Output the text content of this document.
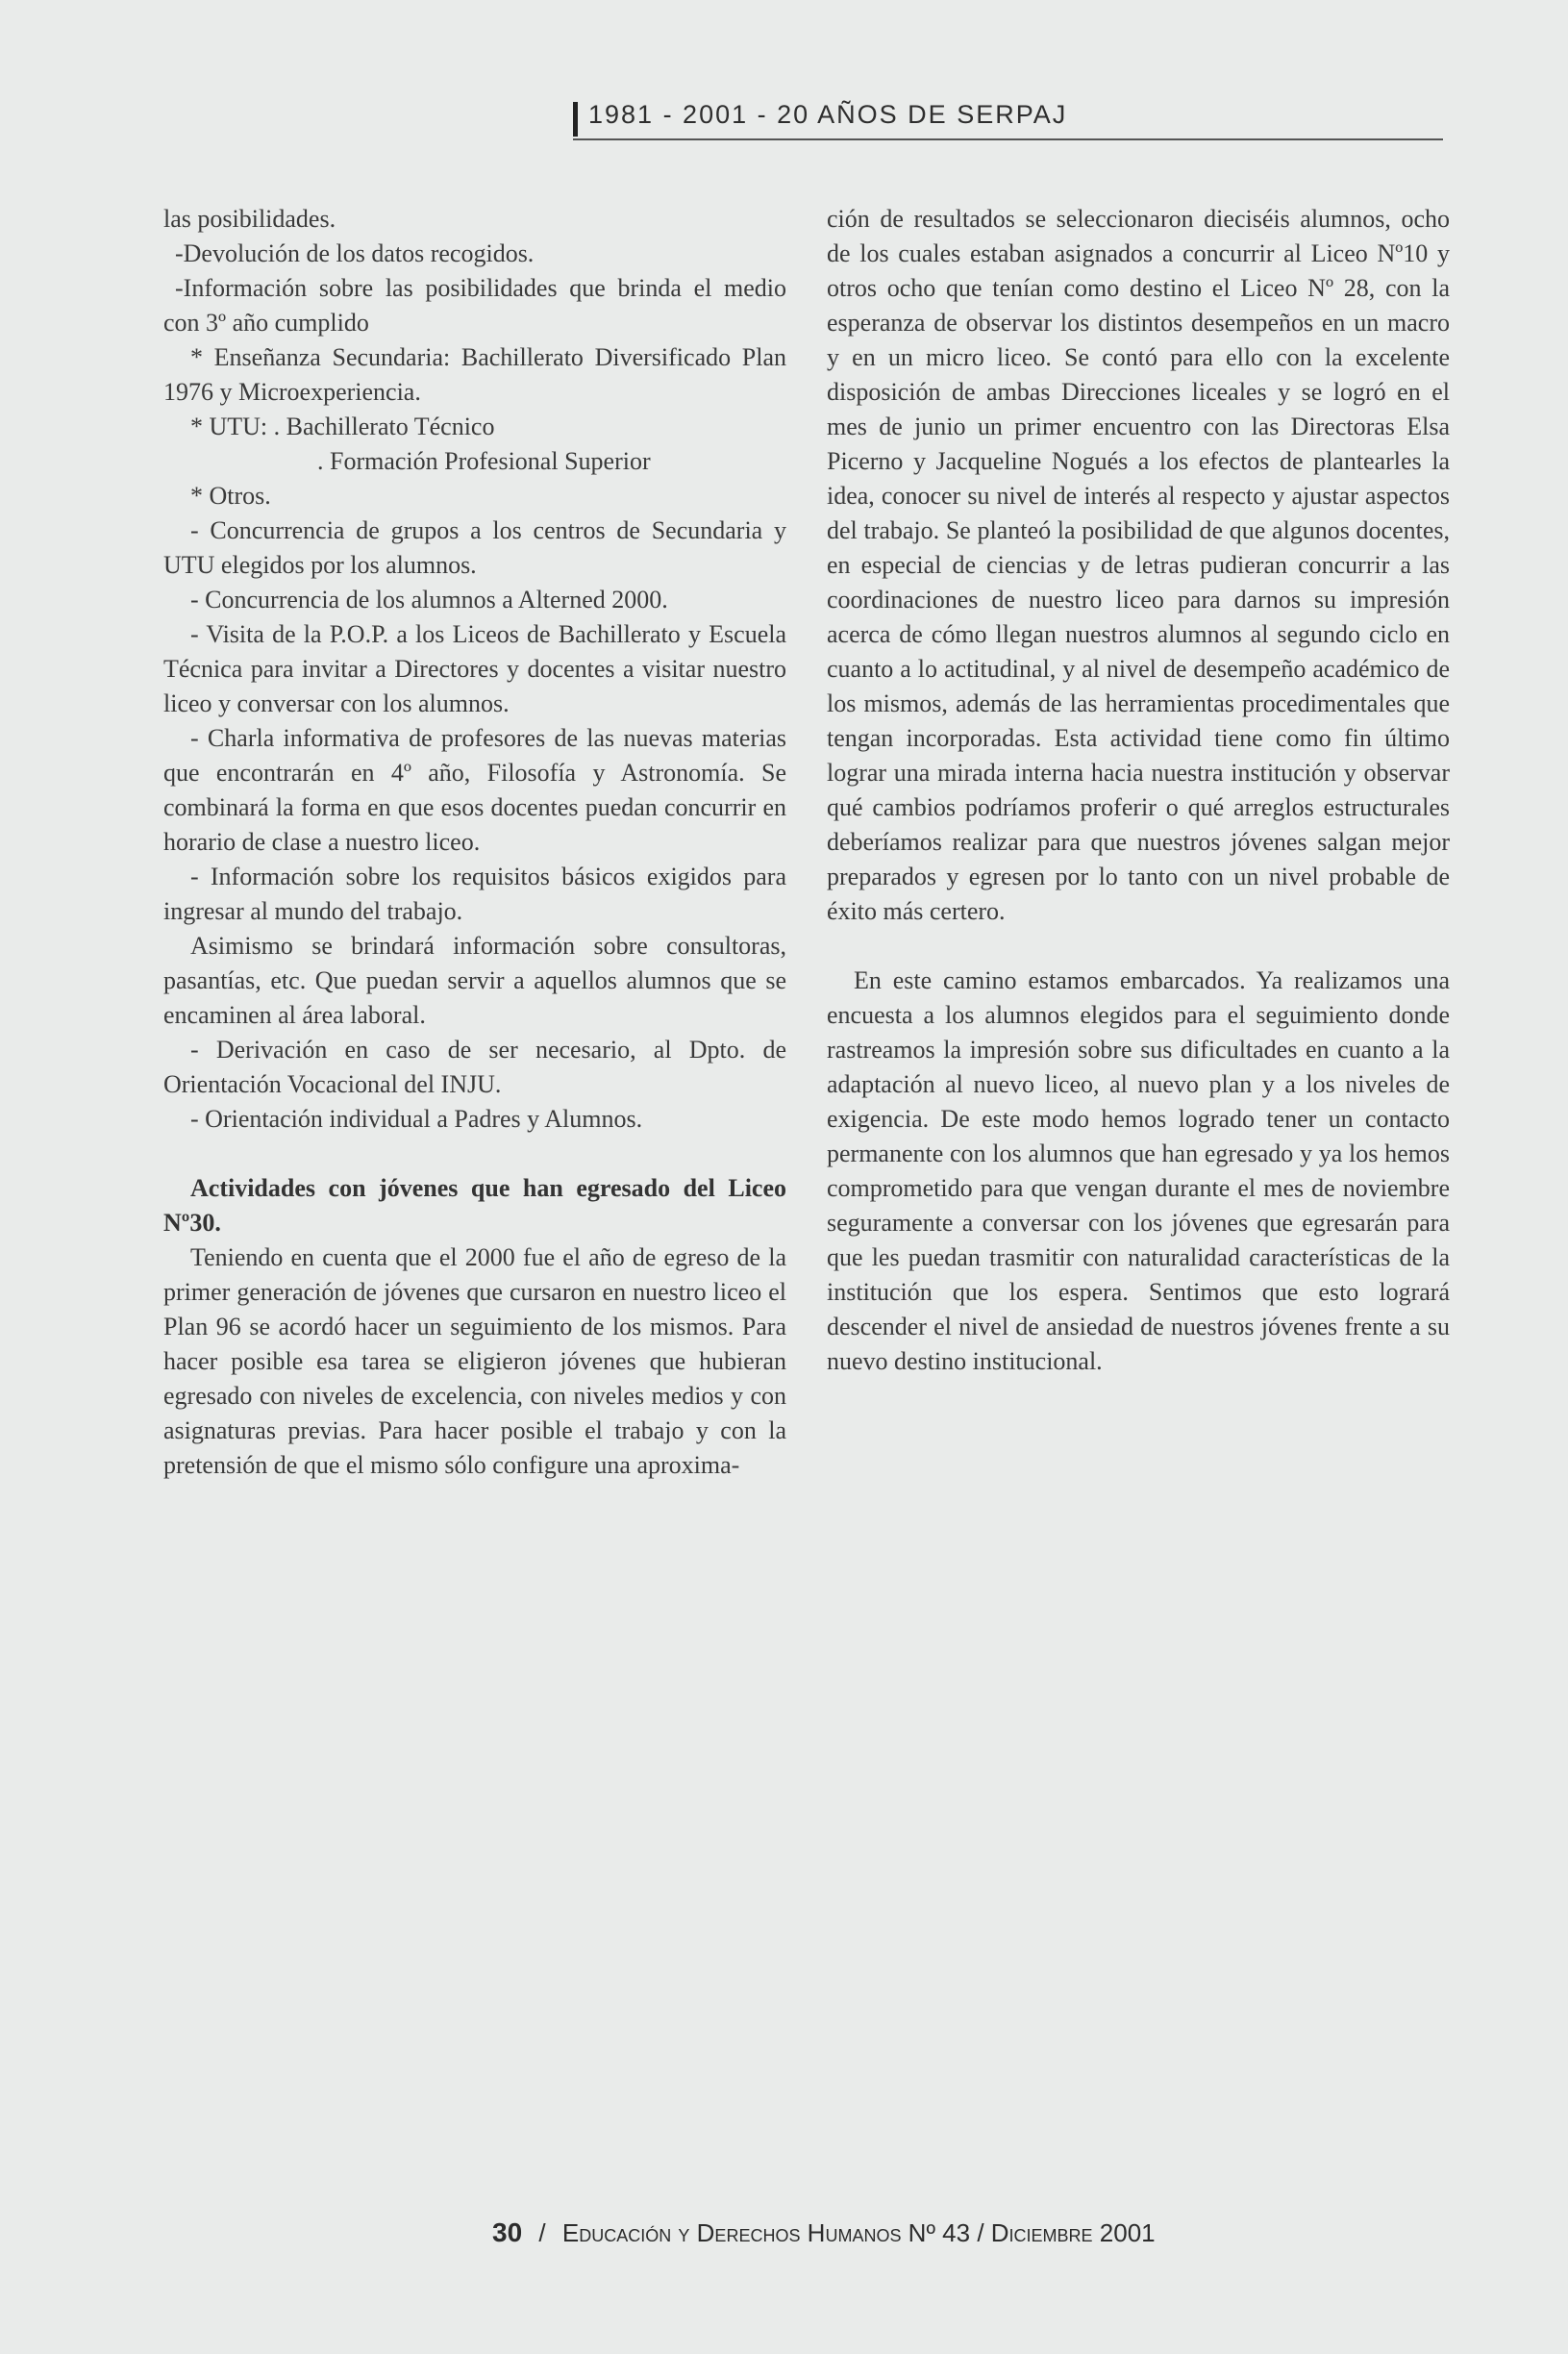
1981 - 2001 - 20 AÑOS DE SERPAJ

las posibilidades.

-Devolución de los datos recogidos.

-Información sobre las posibilidades que brinda el medio con 3º año cumplido

* Enseñanza Secundaria: Bachillerato Diversificado Plan 1976 y Microexperiencia.

* UTU: . Bachillerato Técnico

. Formación Profesional Superior

* Otros.

- Concurrencia de grupos a los centros de Secundaria y UTU elegidos por los alumnos.

- Concurrencia de los alumnos a Alterned 2000.

- Visita de la P.O.P. a los Liceos de Bachillerato y Escuela Técnica para invitar a Directores y docentes a visitar nuestro liceo y conversar con los alumnos.

- Charla informativa de profesores de las nuevas materias que encontrarán en 4º año, Filosofía y Astronomía. Se combinará la forma en que esos docentes puedan concurrir en horario de clase a nuestro liceo.

- Información sobre los requisitos básicos exigidos para ingresar al mundo del trabajo.

Asimismo se brindará información sobre consultoras, pasantías, etc. Que puedan servir a aquellos alumnos que se encaminen al área laboral.

- Derivación en caso de ser necesario, al Dpto. de Orientación Vocacional del INJU.

- Orientación individual a Padres y Alumnos.

Actividades con jóvenes que han egresado del Liceo Nº30.

Teniendo en cuenta que el 2000 fue el año de egreso de la primer generación de jóvenes que cursaron en nuestro liceo el Plan 96 se acordó hacer un seguimiento de los mismos. Para hacer posible esa tarea se eligieron jóvenes que hubieran egresado con niveles de excelencia, con niveles medios y con asignaturas previas. Para hacer posible el trabajo y con la pretensión de que el mismo sólo configure una aproxima-

ción de resultados se seleccionaron dieciséis alumnos, ocho de los cuales estaban asignados a concurrir al Liceo Nº10 y otros ocho que tenían como destino el Liceo Nº 28, con la esperanza de observar los distintos desempeños en un macro y en un micro liceo. Se contó para ello con la excelente disposición de ambas Direcciones liceales y se logró en el mes de junio un primer encuentro con las Directoras Elsa Picerno y Jacqueline Nogués a los efectos de plantearles la idea, conocer su nivel de interés al respecto y ajustar aspectos del trabajo. Se planteó la posibilidad de que algunos docentes, en especial de ciencias y de letras pudieran concurrir a las coordinaciones de nuestro liceo para darnos su impresión acerca de cómo llegan nuestros alumnos al segundo ciclo en cuanto a lo actitudinal, y al nivel de desempeño académico de los mismos, además de las herramientas procedimentales que tengan incorporadas. Esta actividad tiene como fin último lograr una mirada interna hacia nuestra institución y observar qué cambios podríamos proferir o qué arreglos estructurales deberíamos realizar para que nuestros jóvenes salgan mejor preparados y egresen por lo tanto con un nivel probable de éxito más certero.

En este camino estamos embarcados. Ya realizamos una encuesta a los alumnos elegidos para el seguimiento donde rastreamos la impresión sobre sus dificultades en cuanto a la adaptación al nuevo liceo, al nuevo plan y a los niveles de exigencia. De este modo hemos logrado tener un contacto permanente con los alumnos que han egresado y ya los hemos comprometido para que vengan durante el mes de noviembre seguramente a conversar con los jóvenes que egresarán para que les puedan trasmitir con naturalidad características de la institución que los espera. Sentimos que esto logrará descender el nivel de ansiedad de nuestros jóvenes frente a su nuevo destino institucional.

30 / Educación y Derechos Humanos Nº 43 / Diciembre 2001
